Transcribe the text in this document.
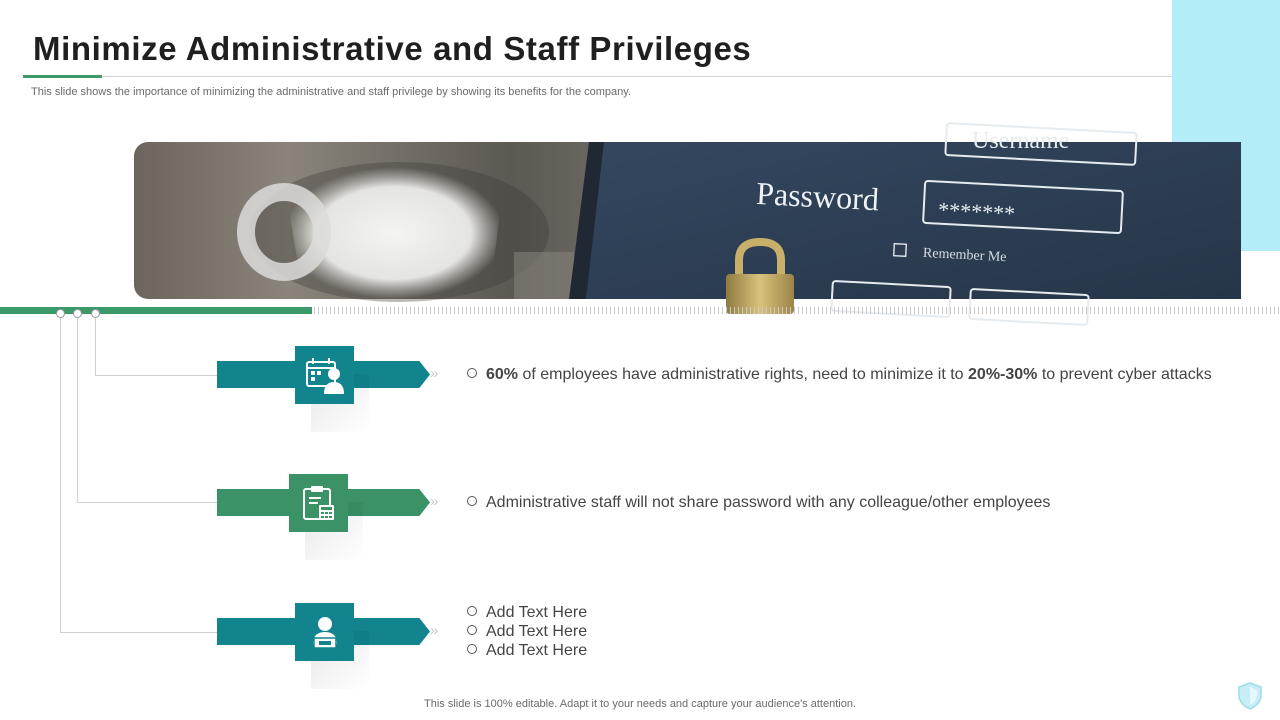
Minimize Administrative and Staff Privileges
This slide shows the importance of minimizing the administrative and staff privilege by showing its benefits for the company.
Username
Password	*******
Remember Me
»	60% of employees have administrative rights, need to minimize it to 20%-30% to prevent cyber attacks
»	Administrative staff will not share password with any colleague/other employees
»
Add Text Here
Add Text Here
Add Text Here
This slide is 100% editable. Adapt it to your needs and capture your audience's attention.
